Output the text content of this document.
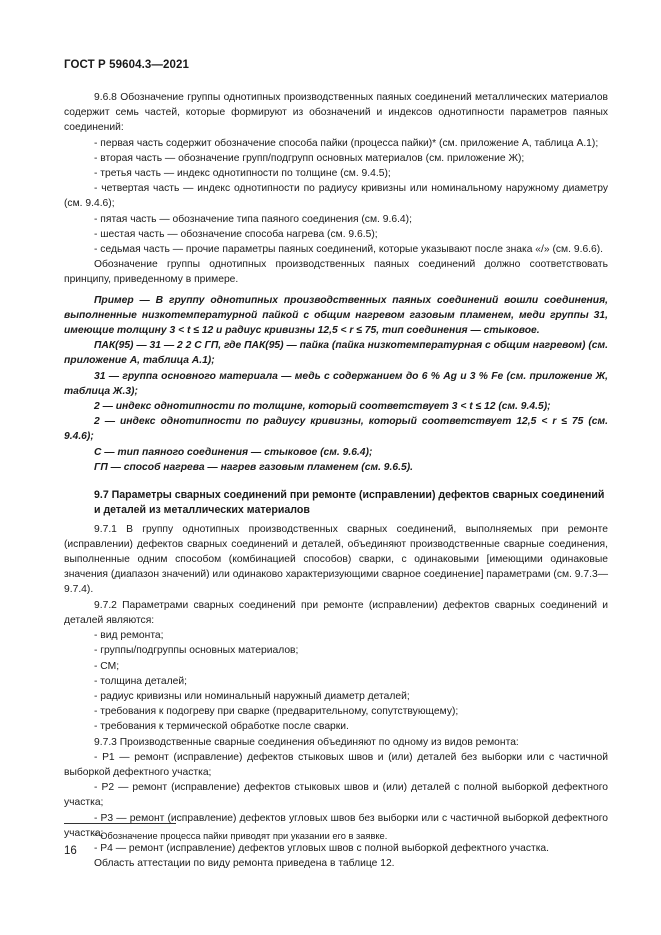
ГОСТ Р 59604.3—2021

9.6.8 Обозначение группы однотипных производственных паяных соединений металлических материалов содержит семь частей, которые формируют из обозначений и индексов однотипности параметров паяных соединений:

- первая часть содержит обозначение способа пайки (процесса пайки)* (см. приложение А, таблица А.1);

- вторая часть — обозначение групп/подгрупп основных материалов (см. приложение Ж);

- третья часть — индекс однотипности по толщине (см. 9.4.5);

- четвертая часть — индекс однотипности по радиусу кривизны или номинальному наружному диаметру (см. 9.4.6);

- пятая часть — обозначение типа паяного соединения (см. 9.6.4);

- шестая часть — обозначение способа нагрева (см. 9.6.5);

- седьмая часть — прочие параметры паяных соединений, которые указывают после знака «/» (см. 9.6.6).

Обозначение группы однотипных производственных паяных соединений должно соответствовать принципу, приведенному в примере.

Пример — В группу однотипных производственных паяных соединений вошли соединения, выполненные низкотемпературной пайкой с общим нагревом газовым пламенем, меди группы 31, имеющие толщину 3 < t ≤ 12 и радиус кривизны 12,5 < r ≤ 75, тип соединения — стыковое.

ПАК(95) — 31 — 2 2 С ГП, где ПАК(95) — пайка (пайка низкотемпературная с общим нагревом) (см. приложение А, таблица А.1);

31 — группа основного материала — медь с содержанием до 6 % Ag и 3 % Fe (см. приложение Ж, таблица Ж.3);

2 — индекс однотипности по толщине, который соответствует 3 < t ≤ 12 (см. 9.4.5);

2 — индекс однотипности по радиусу кривизны, который соответствует 12,5 < r ≤ 75 (см. 9.4.6);

С — тип паяного соединения — стыковое (см. 9.6.4);

ГП — способ нагрева — нагрев газовым пламенем (см. 9.6.5).

9.7 Параметры сварных соединений при ремонте (исправлении) дефектов сварных соединений и деталей из металлических материалов

9.7.1 В группу однотипных производственных сварных соединений, выполняемых при ремонте (исправлении) дефектов сварных соединений и деталей, объединяют производственные сварные соединения, выполненные одним способом (комбинацией способов) сварки, с одинаковыми [имеющими одинаковые значения (диапазон значений) или одинаково характеризующими сварное соединение] параметрами (см. 9.7.3—9.7.4).

9.7.2 Параметрами сварных соединений при ремонте (исправлении) дефектов сварных соединений и деталей являются:

- вид ремонта;

- группы/подгруппы основных материалов;

- СМ;

- толщина деталей;

- радиус кривизны или номинальный наружный диаметр деталей;

- требования к подогреву при сварке (предварительному, сопутствующему);

- требования к термической обработке после сварки.

9.7.3 Производственные сварные соединения объединяют по одному из видов ремонта:

- Р1 — ремонт (исправление) дефектов стыковых швов и (или) деталей без выборки или с частичной выборкой дефектного участка;

- Р2 — ремонт (исправление) дефектов стыковых швов и (или) деталей с полной выборкой дефектного участка;

- Р3 — ремонт (исправление) дефектов угловых швов без выборки или с частичной выборкой дефектного участка;

- Р4 — ремонт (исправление) дефектов угловых швов с полной выборкой дефектного участка.

Область аттестации по виду ремонта приведена в таблице 12.

* Обозначение процесса пайки приводят при указании его в заявке.
16
